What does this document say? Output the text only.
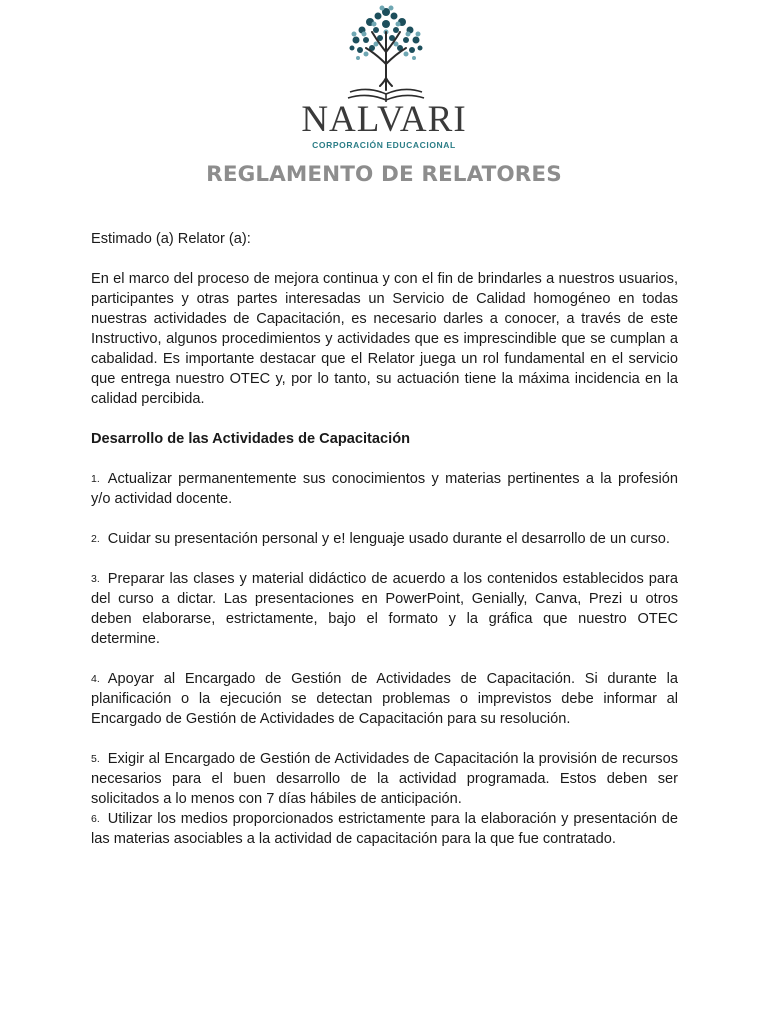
NALVARI
CORPORACIÓN EDUCACIONAL
REGLAMENTO DE RELATORES

Estimado (a) Relator (a):

En el marco del proceso de mejora continua y con el fin de brindarles a nuestros usuarios, participantes y otras partes interesadas un Servicio de Calidad homogéneo en todas nuestras actividades de Capacitación, es necesario darles a conocer, a través de este Instructivo, algunos procedimientos y actividades que es imprescindible que se cumplan a cabalidad. Es importante destacar que el Relator juega un rol fundamental en el servicio que entrega nuestro OTEC y, por lo tanto, su actuación tiene la máxima incidencia en la calidad percibida.

Desarrollo de las Actividades de Capacitación

1. Actualizar permanentemente sus conocimientos y materias pertinentes a la profesión y/o actividad docente.

2. Cuidar su presentación personal y e! lenguaje usado durante el desarrollo de un curso.

3. Preparar las clases y material didáctico de acuerdo a los contenidos establecidos para del curso a dictar. Las presentaciones en PowerPoint, Genially, Canva, Prezi u otros deben elaborarse, estrictamente, bajo el formato y la gráfica que nuestro OTEC determine.

4. Apoyar al Encargado de Gestión de Actividades de Capacitación. Si durante la planificación o la ejecución se detectan problemas o imprevistos debe informar al Encargado de Gestión de Actividades de Capacitación para su resolución.

5. Exigir al Encargado de Gestión de Actividades de Capacitación la provisión de recursos necesarios para el buen desarrollo de la actividad programada. Estos deben ser solicitados a lo menos con 7 días hábiles de anticipación.

6. Utilizar los medios proporcionados estrictamente para la elaboración y presentación de las materias asociables a la actividad de capacitación para la que fue contratado.
